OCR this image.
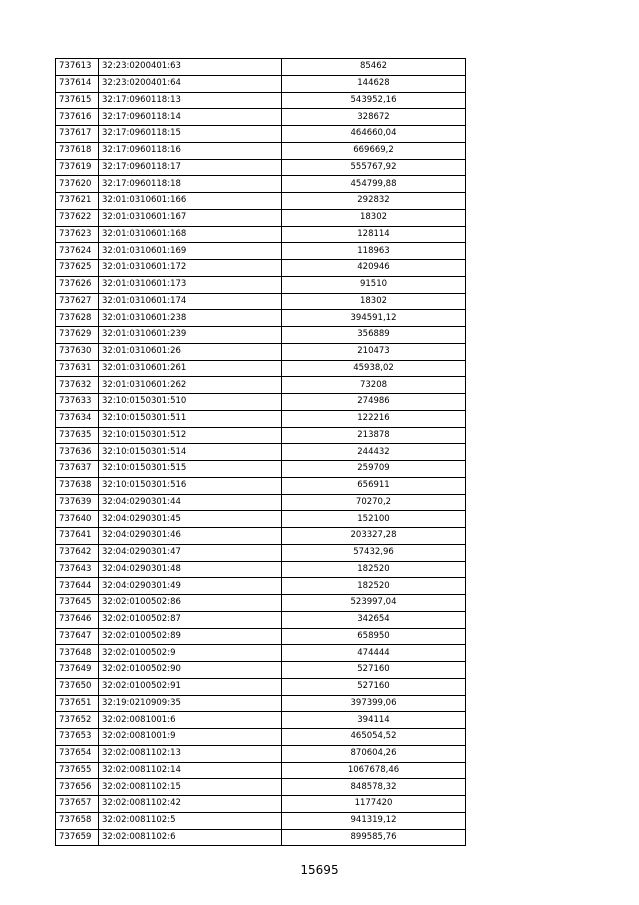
737613	32:23:0200401:63	85462
737614	32:23:0200401:64	144628
737615	32:17:0960118:13	543952,16
737616	32:17:0960118:14	328672
737617	32:17:0960118:15	464660,04
737618	32:17:0960118:16	669669,2
737619	32:17:0960118:17	555767,92
737620	32:17:0960118:18	454799,88
737621	32:01:0310601:166	292832
737622	32:01:0310601:167	18302
737623	32:01:0310601:168	128114
737624	32:01:0310601:169	118963
737625	32:01:0310601:172	420946
737626	32:01:0310601:173	91510
737627	32:01:0310601:174	18302
737628	32:01:0310601:238	394591,12
737629	32:01:0310601:239	356889
737630	32:01:0310601:26	210473
737631	32:01:0310601:261	45938,02
737632	32:01:0310601:262	73208
737633	32:10:0150301:510	274986
737634	32:10:0150301:511	122216
737635	32:10:0150301:512	213878
737636	32:10:0150301:514	244432
737637	32:10:0150301:515	259709
737638	32:10:0150301:516	656911
737639	32:04:0290301:44	70270,2
737640	32:04:0290301:45	152100
737641	32:04:0290301:46	203327,28
737642	32:04:0290301:47	57432,96
737643	32:04:0290301:48	182520
737644	32:04:0290301:49	182520
737645	32:02:0100502:86	523997,04
737646	32:02:0100502:87	342654
737647	32:02:0100502:89	658950
737648	32:02:0100502:9	474444
737649	32:02:0100502:90	527160
737650	32:02:0100502:91	527160
737651	32:19:0210909:35	397399,06
737652	32:02:0081001:6	394114
737653	32:02:0081001:9	465054,52
737654	32:02:0081102:13	870604,26
737655	32:02:0081102:14	1067678,46
737656	32:02:0081102:15	848578,32
737657	32:02:0081102:42	1177420
737658	32:02:0081102:5	941319,12
737659	32:02:0081102:6	899585,76
15695
